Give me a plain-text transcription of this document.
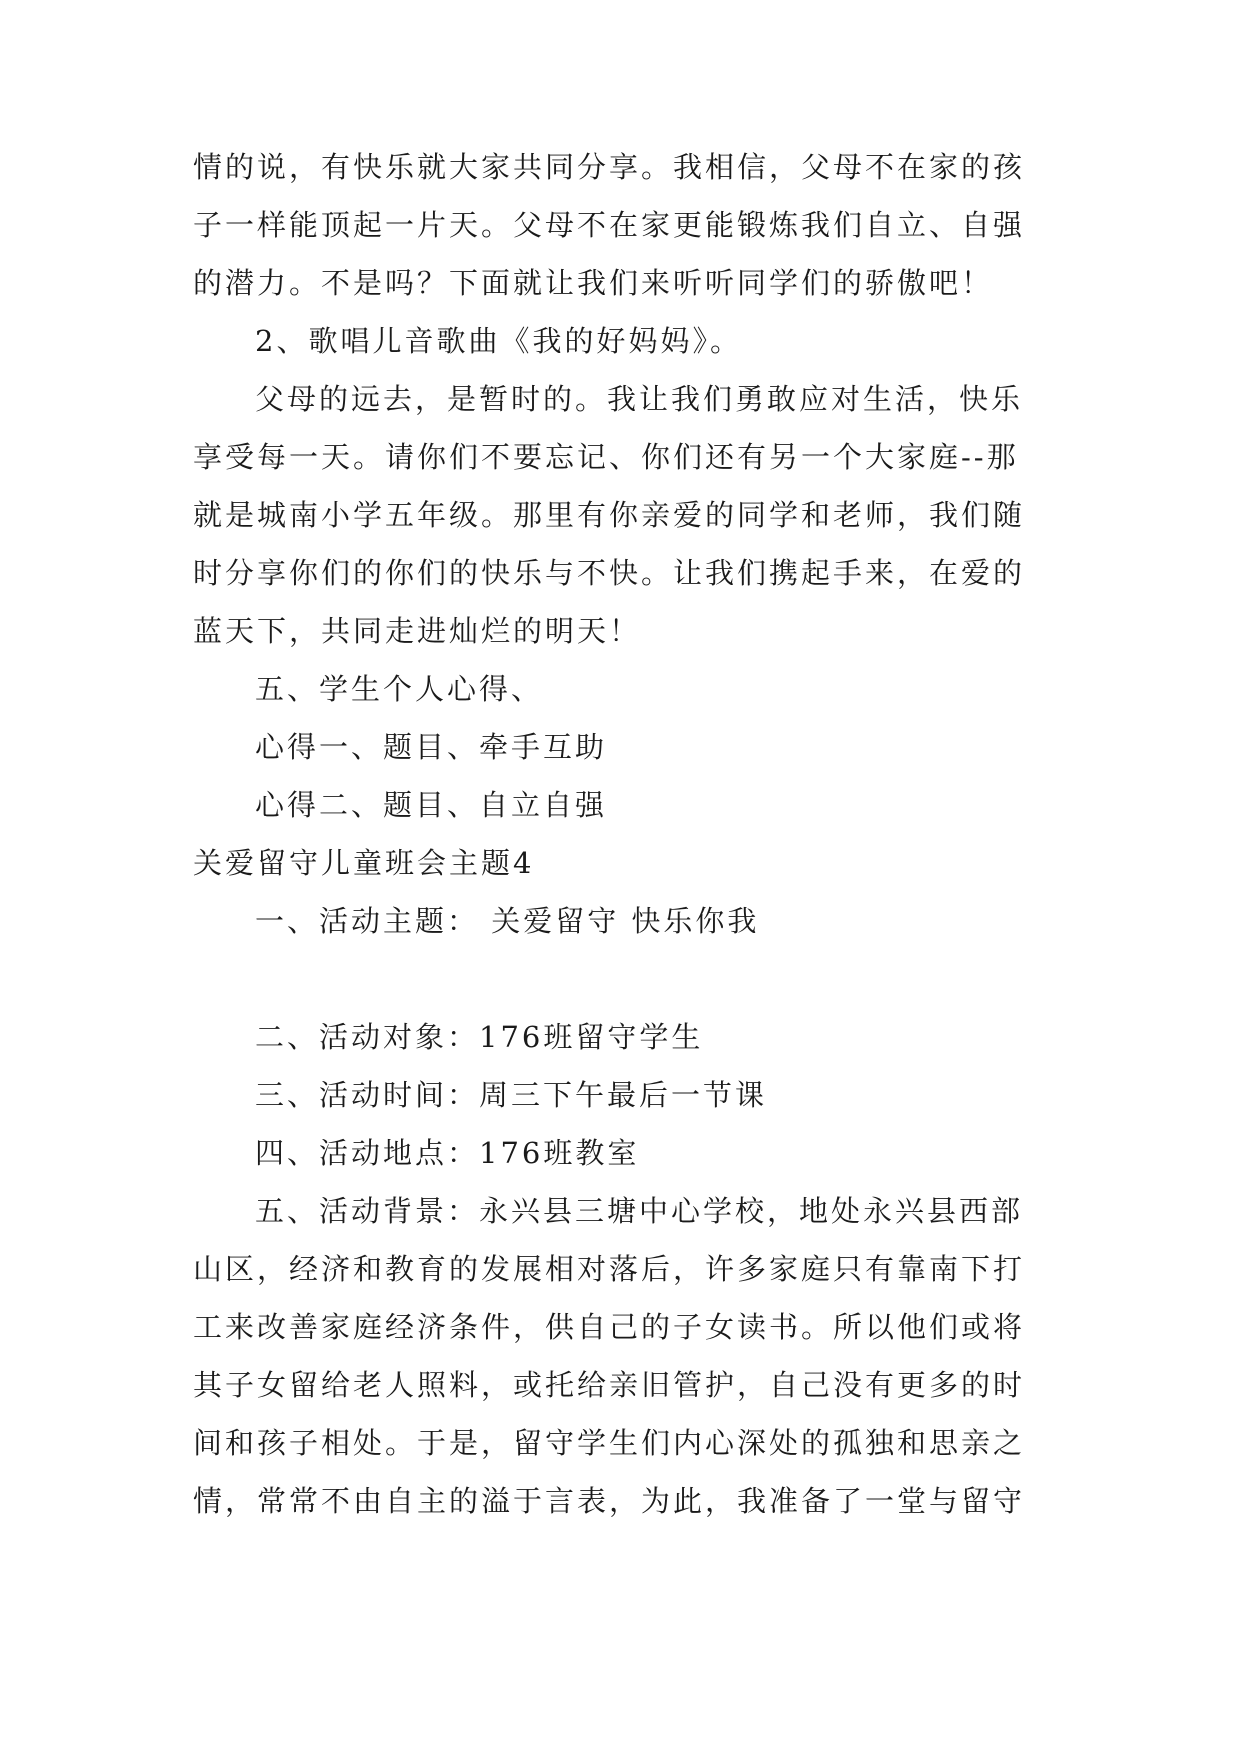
情的说，有快乐就大家共同分享。我相信，父母不在家的孩
子一样能顶起一片天。父母不在家更能锻炼我们自立、自强
的潜力。不是吗？下面就让我们来听听同学们的骄傲吧！
2、歌唱儿音歌曲《我的好妈妈》。
父母的远去，是暂时的。我让我们勇敢应对生活，快乐
享受每一天。请你们不要忘记、你们还有另一个大家庭--那
就是城南小学五年级。那里有你亲爱的同学和老师，我们随
时分享你们的你们的快乐与不快。让我们携起手来，在爱的
蓝天下，共同走进灿烂的明天！
五、学生个人心得、
心得一、题目、牵手互助
心得二、题目、自立自强
关爱留守儿童班会主题4
一、活动主题： 关爱留守 快乐你我
二、活动对象：176班留守学生
三、活动时间：周三下午最后一节课
四、活动地点：176班教室
五、活动背景：永兴县三塘中心学校，地处永兴县西部
山区，经济和教育的发展相对落后，许多家庭只有靠南下打
工来改善家庭经济条件，供自己的子女读书。所以他们或将
其子女留给老人照料，或托给亲旧管护，自己没有更多的时
间和孩子相处。于是，留守学生们内心深处的孤独和思亲之
情，常常不由自主的溢于言表，为此，我准备了一堂与留守
